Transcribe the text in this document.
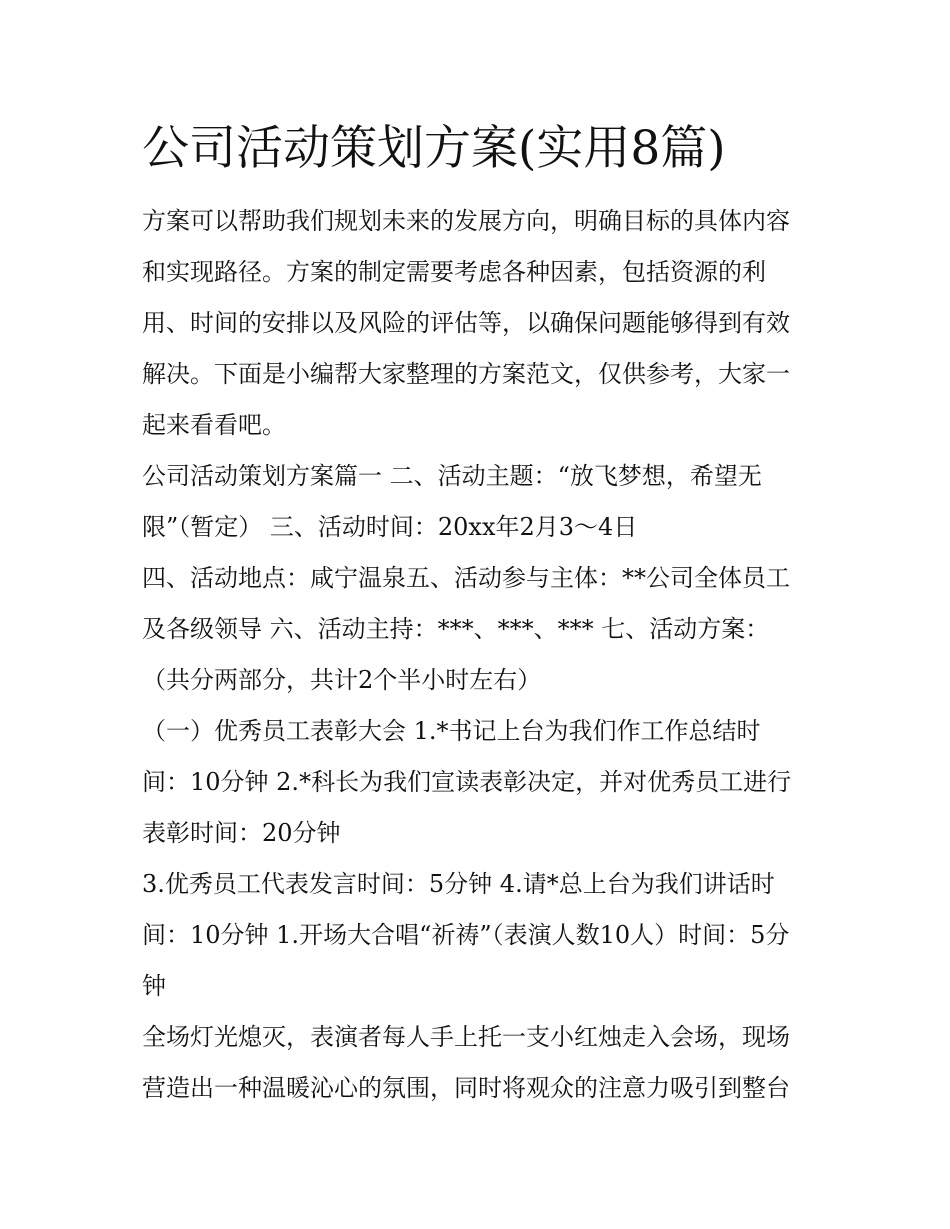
公司活动策划方案(实用8篇)
方案可以帮助我们规划未来的发展方向，明确目标的具体内容
和实现路径。方案的制定需要考虑各种因素，包括资源的利
用、时间的安排以及风险的评估等，以确保问题能够得到有效
解决。下面是小编帮大家整理的方案范文，仅供参考，大家一
起来看看吧。
公司活动策划方案篇一 二、活动主题：“放飞梦想，希望无
限”（暂定） 三、活动时间：20xx年2月3～4日
四、活动地点：咸宁温泉五、活动参与主体：**公司全体员工
及各级领导 六、活动主持：***、***、*** 七、活动方案：
（共分两部分，共计2个半小时左右）
（一）优秀员工表彰大会 1.*书记上台为我们作工作总结时
间：10分钟 2.*科长为我们宣读表彰决定，并对优秀员工进行
表彰时间：20分钟
3.优秀员工代表发言时间：5分钟 4.请*总上台为我们讲话时
间：10分钟 1.开场大合唱“祈祷”（表演人数10人）时间：5分
钟
全场灯光熄灭，表演者每人手上托一支小红烛走入会场，现场
营造出一种温暖沁心的氛围，同时将观众的注意力吸引到整台
